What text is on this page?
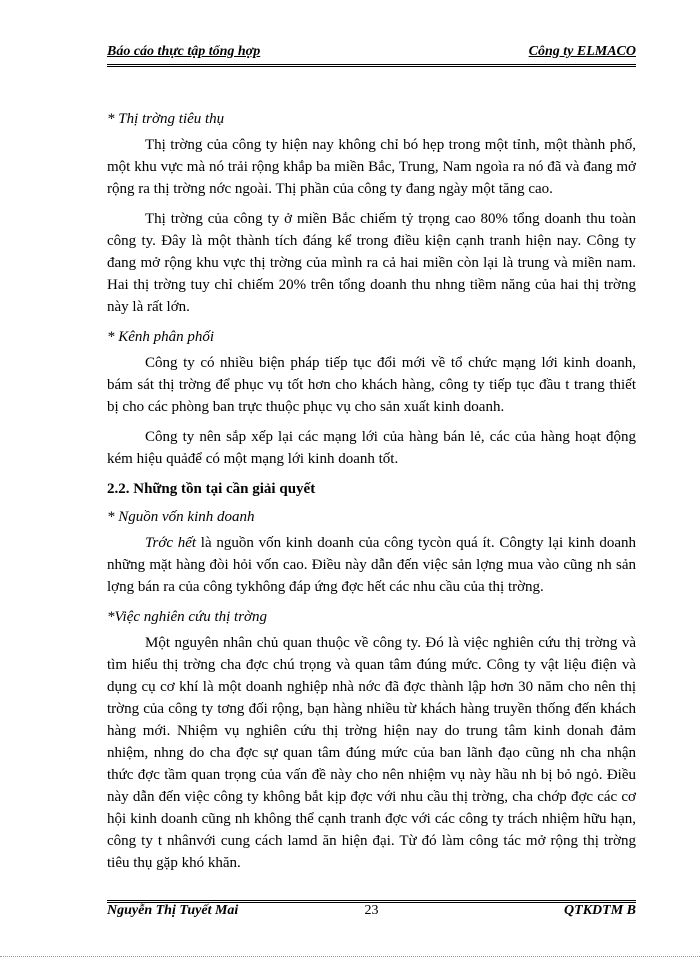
Báo cáo thực tập tổng hợp	Công ty ELMACO

* Thị trờng tiêu thụ

Thị trờng của công ty hiện nay không chỉ bó hẹp trong một tỉnh, một thành phố, một khu vực mà nó trải rộng khắp ba miền Bắc, Trung, Nam ngoìa ra nó đã và đang mở rộng ra thị trờng nớc ngoài. Thị phần của công ty đang ngày một tăng cao.

Thị trờng của công ty ở miền Bắc chiếm tỷ trọng cao 80% tổng doanh thu toàn công ty. Đây là một thành tích đáng kể trong điều kiện cạnh tranh hiện nay. Công ty đang mở rộng khu vực thị trờng của mình ra cả hai miền còn lại là trung và miền nam. Hai thị trờng tuy chỉ chiếm 20% trên tổng doanh thu nhng tiềm năng của hai thị trờng này là rất lớn.

* Kênh phân phối

Công ty có nhiều biện pháp tiếp tục đổi mới về tổ chức mạng lới kinh doanh, bám sát thị trờng để phục vụ tốt hơn cho khách hàng, công ty tiếp tục đầu t trang thiết bị cho các phòng ban trực thuộc phục vụ cho sản xuất kinh doanh.

Công ty nên sắp xếp lại các mạng lới của hàng bán lẻ, các của hàng hoạt động kém hiệu quảđể có một mạng lới kinh doanh tốt.

2.2. Những tồn tại cần giải quyết

* Nguồn vốn kinh doanh

Trớc hết là nguồn vốn kinh doanh của công tycòn quá ít. Côngty lại kinh doanh những mặt hàng đòi hỏi vốn cao. Điều này dẫn đến việc sản lợng mua vào cũng nh sản lợng bán ra của công tykhông đáp ứng đợc hết các nhu cầu của thị trờng.

*Việc nghiên cứu thị trờng

Một nguyên nhân chủ quan thuộc về công ty. Đó là việc nghiên cứu thị trờng và tìm hiểu thị trờng cha đợc chú trọng và quan tâm đúng mức. Công ty vật liệu điện và dụng cụ cơ khí là một doanh nghiệp nhà nớc đã đợc thành lập hơn 30 năm cho nên thị trờng của công ty tơng đối rộng, bạn hàng nhiều từ khách hàng truyền thống đến khách hàng mới. Nhiệm vụ nghiên cứu thị trờng hiện nay do trung tâm kinh donah đảm nhiệm, nhng do cha đợc sự quan tâm đúng mức của ban lãnh đạo cũng nh cha nhận thức đợc tầm quan trọng của vấn đề này cho nên nhiệm vụ này hầu nh bị bỏ ngỏ. Điều này dẫn đến việc công ty không bắt kịp đợc với nhu cầu thị trờng, cha chớp đợc các cơ hội kinh doanh cũng nh không thể cạnh tranh đợc với các công ty trách nhiệm hữu hạn, công ty t nhânvới cung cách lamd ăn hiện đại. Từ đó làm công tác mở rộng thị trờng tiêu thụ gặp khó khăn.

Nguyễn Thị Tuyết Mai	23	QTKDTM B
